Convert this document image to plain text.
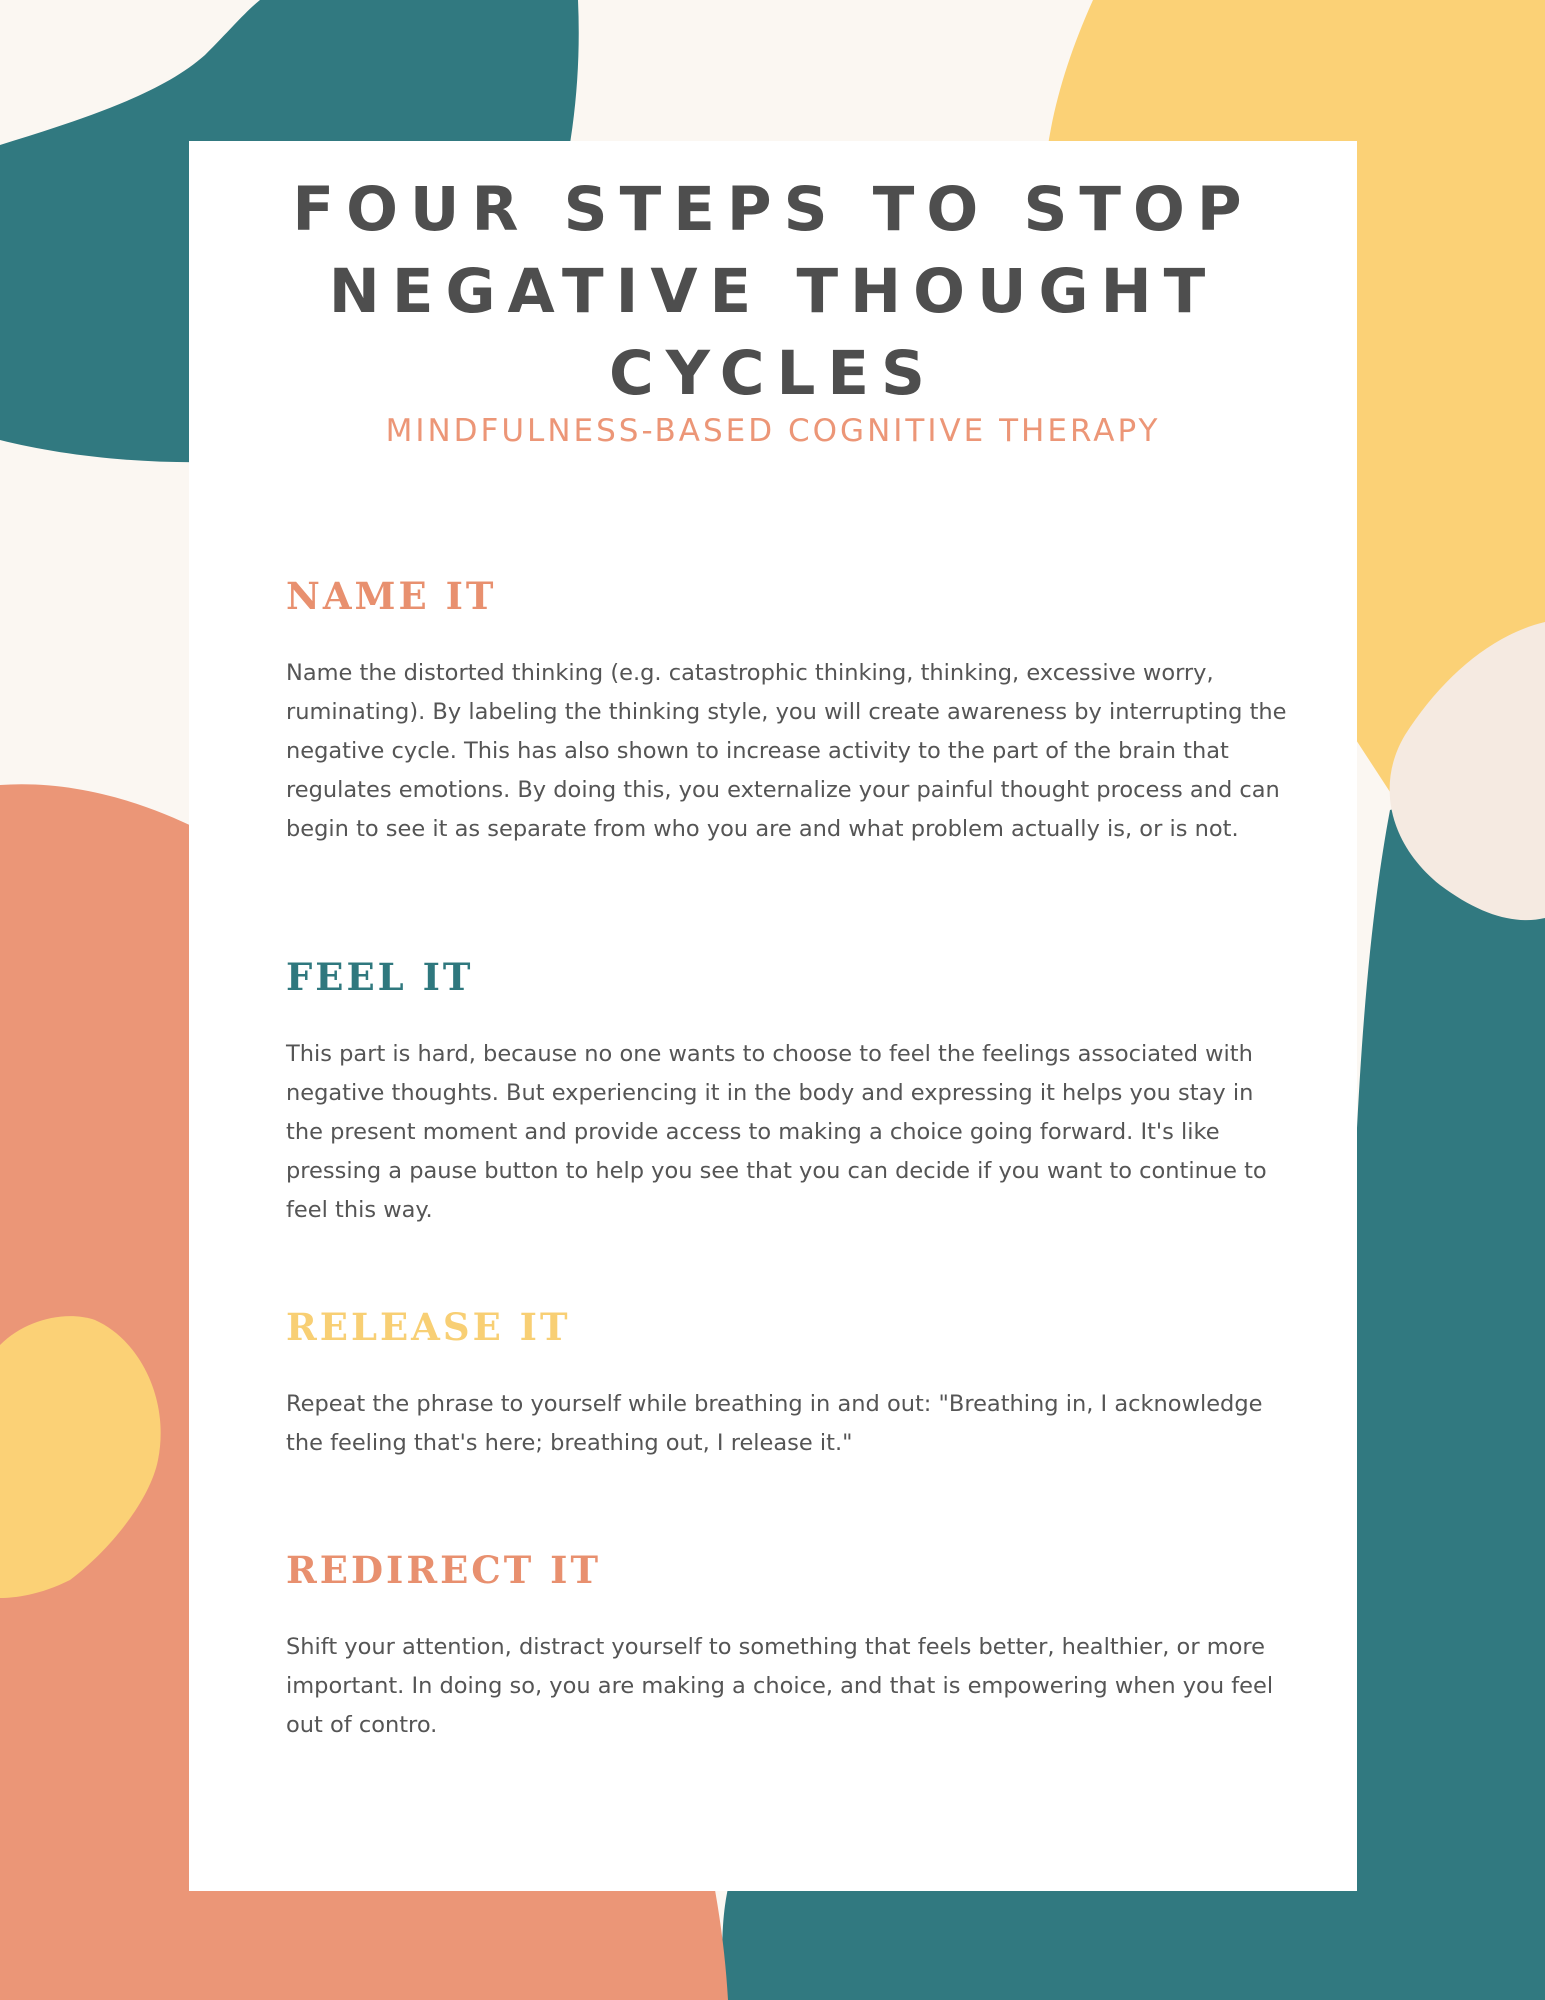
FOUR STEPS TO STOP NEGATIVE THOUGHT CYCLES
MINDFULNESS-BASED COGNITIVE THERAPY
NAME IT

Name the distorted thinking (e.g. catastrophic thinking, thinking, excessive worry, ruminating). By labeling the thinking style, you will create awareness by interrupting the negative cycle. This has also shown to increase activity to the part of the brain that regulates emotions. By doing this, you externalize your painful thought process and can begin to see it as separate from who you are and what problem actually is, or is not.

FEEL IT

This part is hard, because no one wants to choose to feel the feelings associated with negative thoughts. But experiencing it in the body and expressing it helps you stay in the present moment and provide access to making a choice going forward. It's like pressing a pause button to help you see that you can decide if you want to continue to feel this way.

RELEASE IT

Repeat the phrase to yourself while breathing in and out: "Breathing in, I acknowledge the feeling that's here; breathing out, I release it."

REDIRECT IT

Shift your attention, distract yourself to something that feels better, healthier, or more important. In doing so, you are making a choice, and that is empowering when you feel out of contro.
